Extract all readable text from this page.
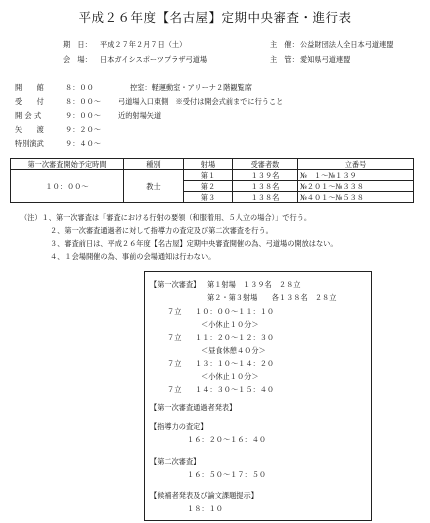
平成２６年度【名古屋】定期中央審査・進行表
期　日： 平成２７年２月７日（土）
会　場： 日本ガイシスポーツプラザ弓道場
主　催： 公益財団法人全日本弓道連盟
主　管： 愛知県弓道連盟
開　　館	８：００	控室：軽運動室・アリーナ２階観覧席
受　　付	８：００～ 弓道場入口東側　※受付は開会式前までに行うこと
開 会 式	９：００～ 近的射場矢道
矢　　渡	９：２０～
特別演武	９：４０～
第一次審査開始予定時間	種別	射場	受審者数	立番号
１０：００～	教士	第１	１３９名	№　１～№１３９
		第２	１３８名	№２０１～№３３８
		第３	１３８名	№４０１～№５３８
（注）１、第一次審査は「審査における行射の要領（和服着用、５人立の場合）」で行う。
２、第一次審査通過者に対して指導力の査定及び第二次審査を行う。
３、審査前日は、平成２６年度【名古屋】定期中央審査開催の為、弓道場の開放はない。
４、１会場開催の為、事前の会場通知は行わない。
【第一次審査】 第１射場　１３９名　２８立
第２・第３射場　　各１３８名　２８立
７立 １０：００～１１：１０
＜小休止１０分＞
７立 １１：２０～１２：３０
＜昼食休憩４０分＞
７立 １３：１０～１４：２０
＜小休止１０分＞
７立 １４：３０～１５：４０
【第一次審査通過者発表】
【指導力の査定】
１６：２０～１６：４０
【第二次審査】
１６：５０～１７：５０
【候補者発表及び論文課題提示】
１８：１０
